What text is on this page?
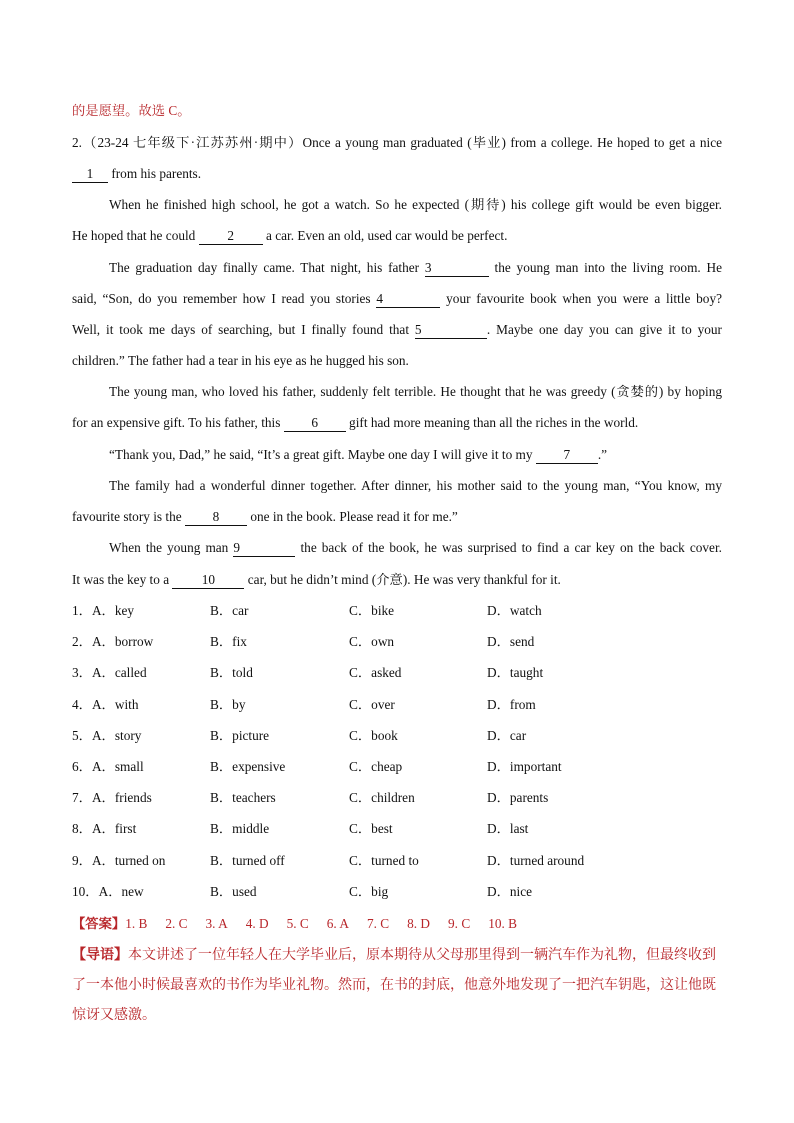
的是愿望。故选 C。
2.（23-24 七年级下·江苏苏州·期中）Once a young man graduated (毕业) from a college. He hoped to get a nice
1 from his parents.
When he finished high school, he got a watch. So he expected (期待) his college gift would be even bigger.
He hoped that he could 2 a car. Even an old, used car would be perfect.
The graduation day finally came. That night, his father 3	the young man into the living room. He
said, “Son, do you remember how I read you stories 4	your favourite book when you were a little boy?
Well, it took me days of searching, but I finally found that 5	. Maybe one day you can give it to your
children.” The father had a tear in his eye as he hugged his son.
The young man, who loved his father, suddenly felt terrible. He thought that he was greedy (贪婪的) by hoping
for an expensive gift. To his father, this 6 gift had more meaning than all the riches in the world.
“Thank you, Dad,” he said, “It’s a great gift. Maybe one day I will give it to my 7 .”
The family had a wonderful dinner together. After dinner, his mother said to the young man, “You know, my
favourite story is the 8 one in the book. Please read it for me.”
When the young man 9	the back of the book, he was surprised to find a car key on the back cover.
It was the key to a 10 car, but he didn’t mind (介意). He was very thankful for it.
1．A．key	B．car	C．bike	D．watch
2．A．borrow	B．fix	C．own	D．send
3．A．called	B．told	C．asked	D．taught
4．A．with	B．by	C．over	D．from
5．A．story	B．picture	C．book	D．car
6．A．small	B．expensive	C．cheap	D．important
7．A．friends	B．teachers	C．children	D．parents
8．A．first	B．middle	C．best	D．last
9．A．turned on	B．turned off	C．turned to	D．turned around
10．A．new	B．used	C．big	D．nice
【答案】1. B 2. C 3. A 4. D 5. C 6. A 7. C 8. D 9. C 10. B
【导语】本文讲述了一位年轻人在大学毕业后，原本期待从父母那里得到一辆汽车作为礼物，但最终收到
了一本他小时候最喜欢的书作为毕业礼物。然而，在书的封底，他意外地发现了一把汽车钥匙，这让他既
惊讶又感激。
